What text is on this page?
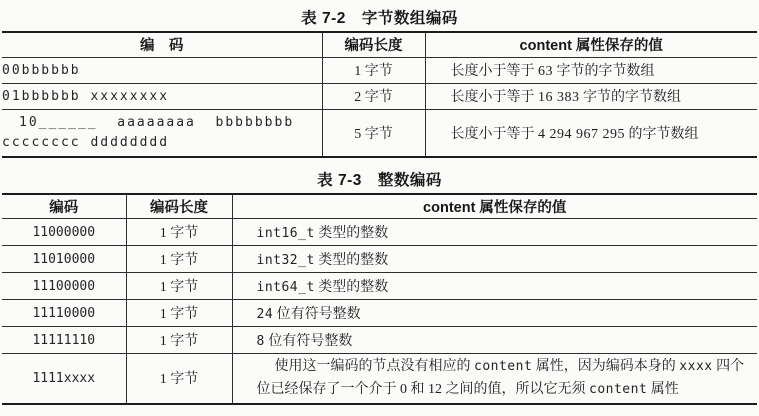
表 7-2　字节数组编码
编　码	编码长度	content 属性保存的值
00bbbbbb	1 字节	长度小于等于 63 字节的字节数组
01bbbbbb xxxxxxxx	2 字节	长度小于等于 16 383 字节的字节数组

10______  aaaaaaaa  bbbbbbbb
cccccccc dddddddd	5 字节	长度小于等于 4 294 967 295 的字节数组
表 7-3　整数编码
编码	编码长度	content 属性保存的值
11000000	1 字节	int16_t 类型的整数
11010000	1 字节	int32_t 类型的整数
11100000	1 字节	int64_t 类型的整数
11110000	1 字节	24 位有符号整数
11111110	1 字节	8 位有符号整数
1111xxxx	1 字节	使用这一编码的节点没有相应的 content 属性，因为编码本身的 xxxx 四个位已经保存了一个介于 0 和 12 之间的值，所以它无须 content 属性
